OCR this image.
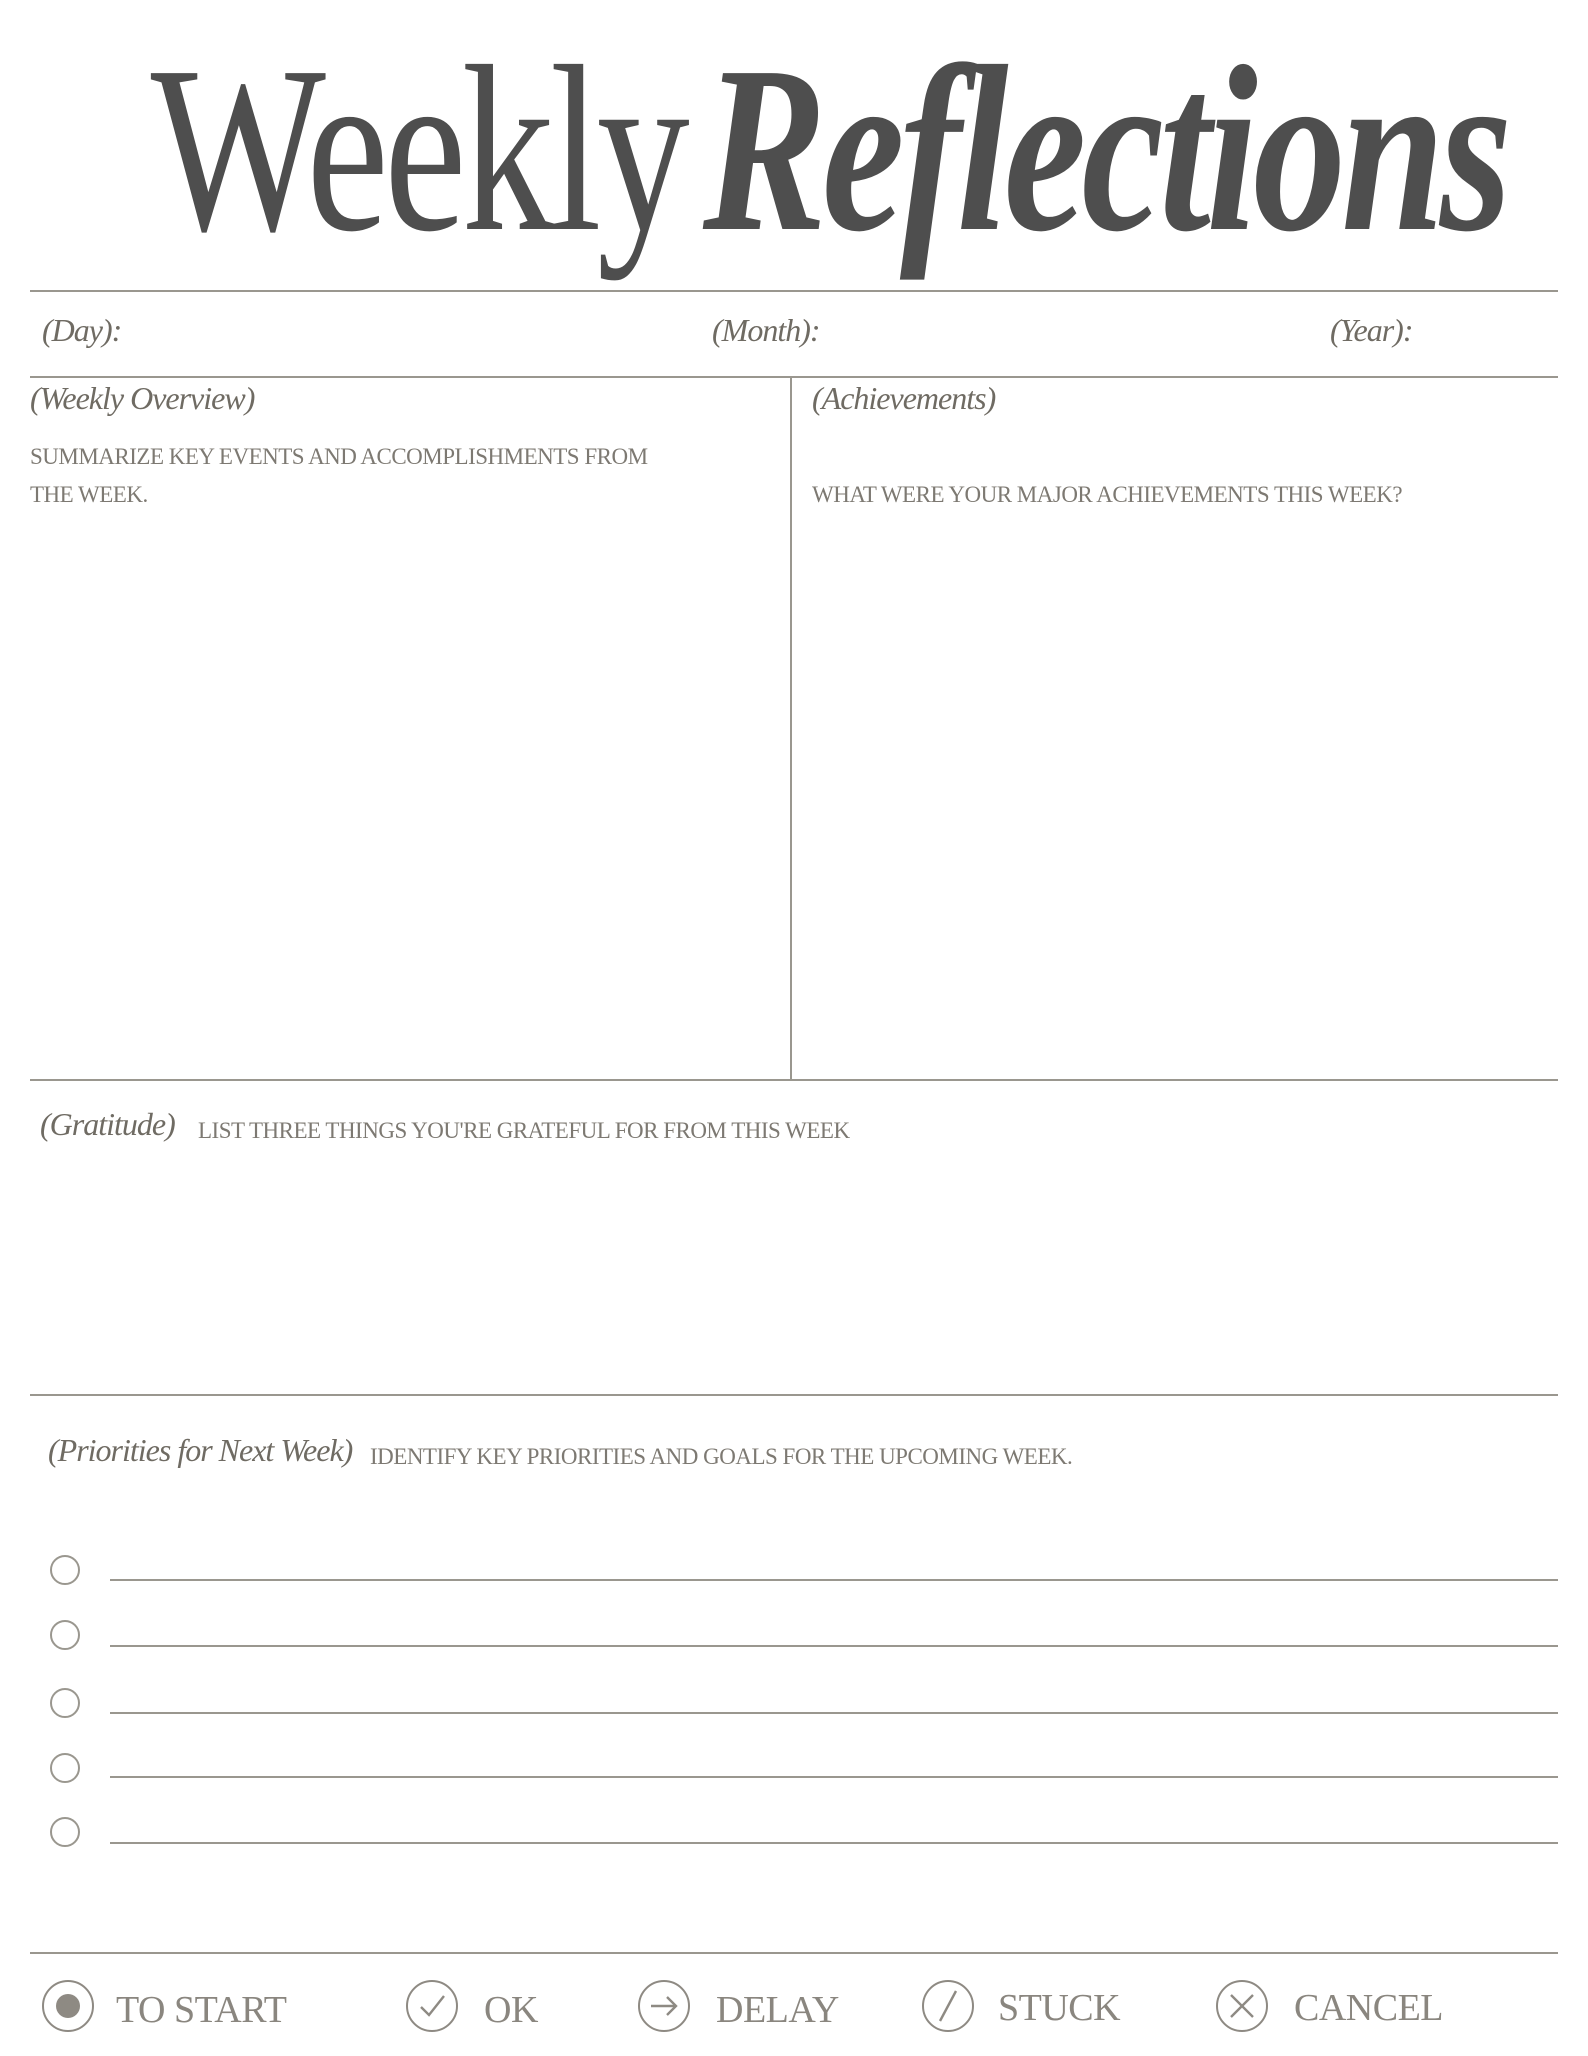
WeeklyReflections
(Day):	(Month):	(Year):
(Weekly Overview)
SUMMARIZE KEY EVENTS AND ACCOMPLISHMENTS FROM THE WEEK.
(Achievements)
WHAT WERE YOUR MAJOR ACHIEVEMENTS THIS WEEK?
(Gratitude) LIST THREE THINGS YOU'RE GRATEFUL FOR FROM THIS WEEK
(Priorities for Next Week) IDENTIFY KEY PRIORITIES AND GOALS FOR THE UPCOMING WEEK.
TO START	OK	DELAY	STUCK	CANCEL
